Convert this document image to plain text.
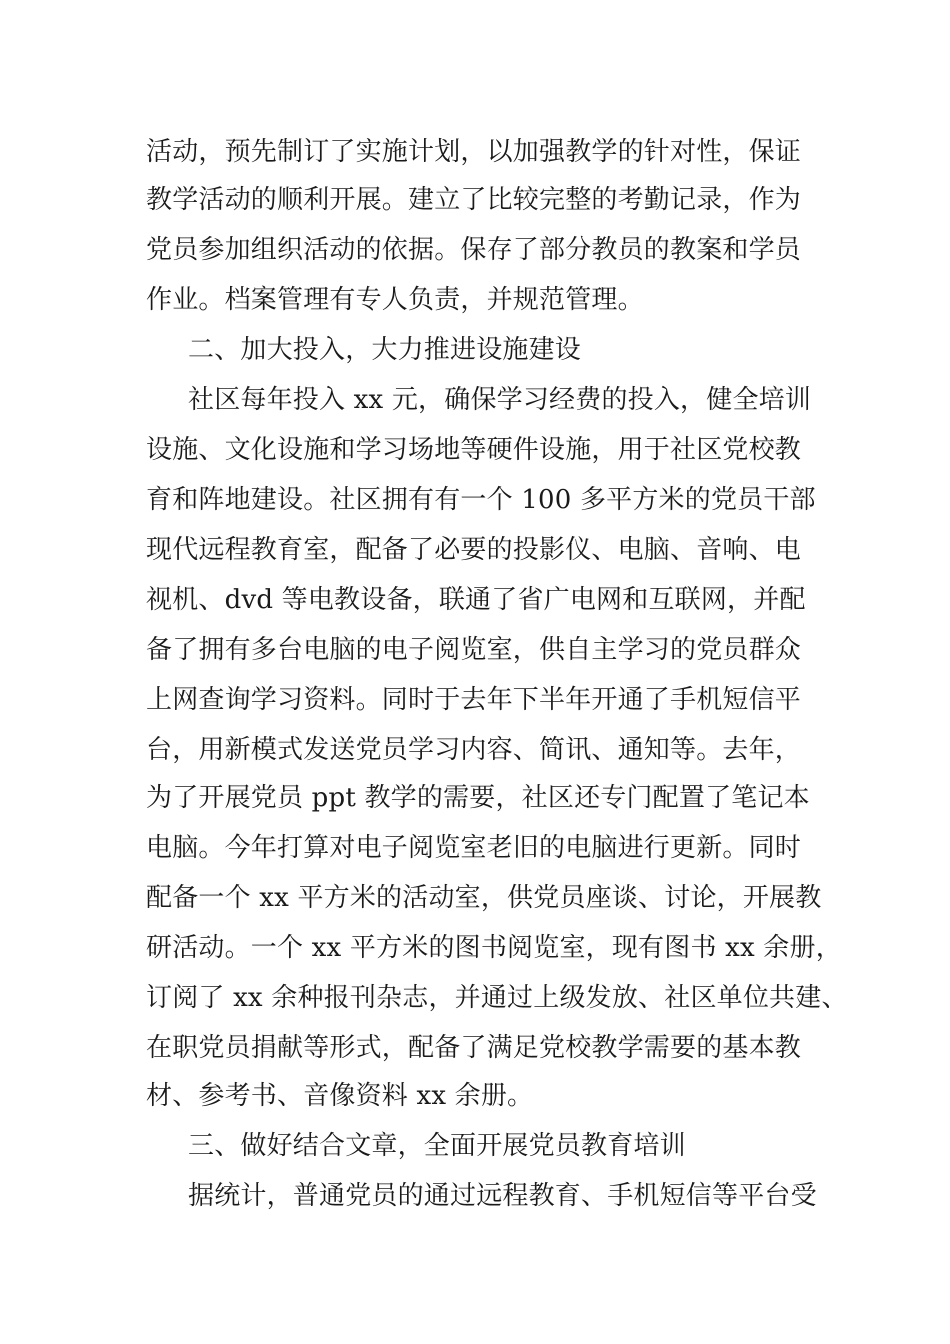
活动，预先制订了实施计划，以加强教学的针对性，保证
教学活动的顺利开展。建立了比较完整的考勤记录，作为
党员参加组织活动的依据。保存了部分教员的教案和学员
作业。档案管理有专人负责，并规范管理。
二、加大投入，大力推进设施建设
社区每年投入 xx 元，确保学习经费的投入，健全培训
设施、文化设施和学习场地等硬件设施，用于社区党校教
育和阵地建设。社区拥有有一个 100 多平方米的党员干部
现代远程教育室，配备了必要的投影仪、电脑、音响、电
视机、dvd 等电教设备，联通了省广电网和互联网，并配
备了拥有多台电脑的电子阅览室，供自主学习的党员群众
上网查询学习资料。同时于去年下半年开通了手机短信平
台，用新模式发送党员学习内容、简讯、通知等。去年，
为了开展党员 ppt 教学的需要，社区还专门配置了笔记本
电脑。今年打算对电子阅览室老旧的电脑进行更新。同时
配备一个 xx 平方米的活动室，供党员座谈、讨论，开展教
研活动。一个 xx 平方米的图书阅览室，现有图书 xx 余册，
订阅了 xx 余种报刊杂志，并通过上级发放、社区单位共建、
在职党员捐献等形式，配备了满足党校教学需要的基本教
材、参考书、音像资料 xx 余册。
三、做好结合文章，全面开展党员教育培训
据统计，普通党员的通过远程教育、手机短信等平台受
